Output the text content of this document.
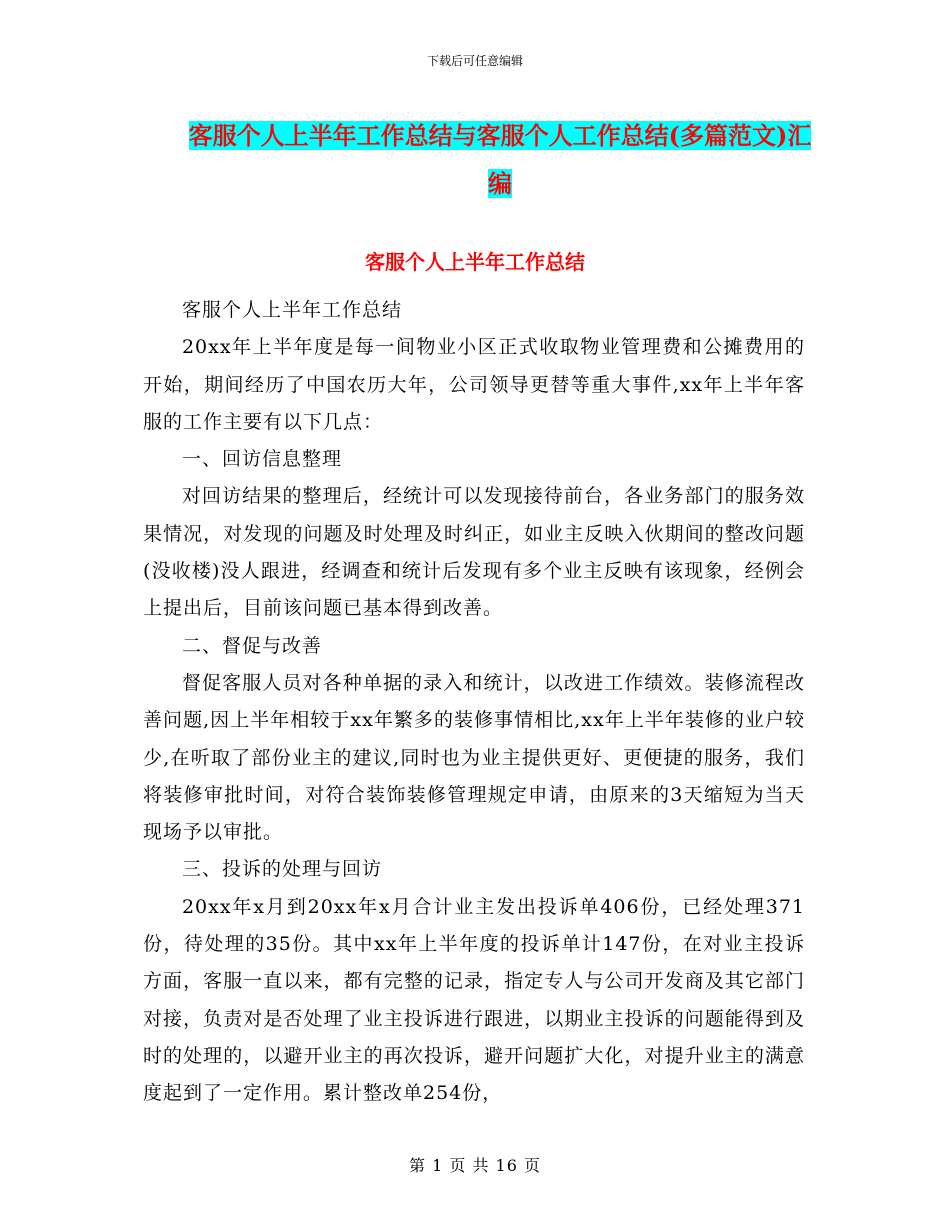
下载后可任意编辑
客服个人上半年工作总结与客服个人工作总结(多篇范文)汇编
客服个人上半年工作总结

客服个人上半年工作总结

20xx年上半年度是每一间物业小区正式收取物业管理费和公摊费用的开始，期间经历了中国农历大年，公司领导更替等重大事件,xx年上半年客服的工作主要有以下几点：

一、回访信息整理

对回访结果的整理后，经统计可以发现接待前台，各业务部门的服务效果情况，对发现的问题及时处理及时纠正，如业主反映入伙期间的整改问题(没收楼)没人跟进，经调查和统计后发现有多个业主反映有该现象，经例会上提出后，目前该问题已基本得到改善。

二、督促与改善

督促客服人员对各种单据的录入和统计，以改进工作绩效。装修流程改善问题,因上半年相较于xx年繁多的装修事情相比,xx年上半年装修的业户较少,在听取了部份业主的建议,同时也为业主提供更好、更便捷的服务，我们将装修审批时间，对符合装饰装修管理规定申请，由原来的3天缩短为当天现场予以审批。

三、投诉的处理与回访

20xx年x月到20xx年x月合计业主发出投诉单406份，已经处理371份，待处理的35份。其中xx年上半年度的投诉单计147份，在对业主投诉方面，客服一直以来，都有完整的记录，指定专人与公司开发商及其它部门对接，负责对是否处理了业主投诉进行跟进，以期业主投诉的问题能得到及时的处理的，以避开业主的再次投诉，避开问题扩大化，对提升业主的满意度起到了一定作用。累计整改单254份，

第 1 页 共 16 页
